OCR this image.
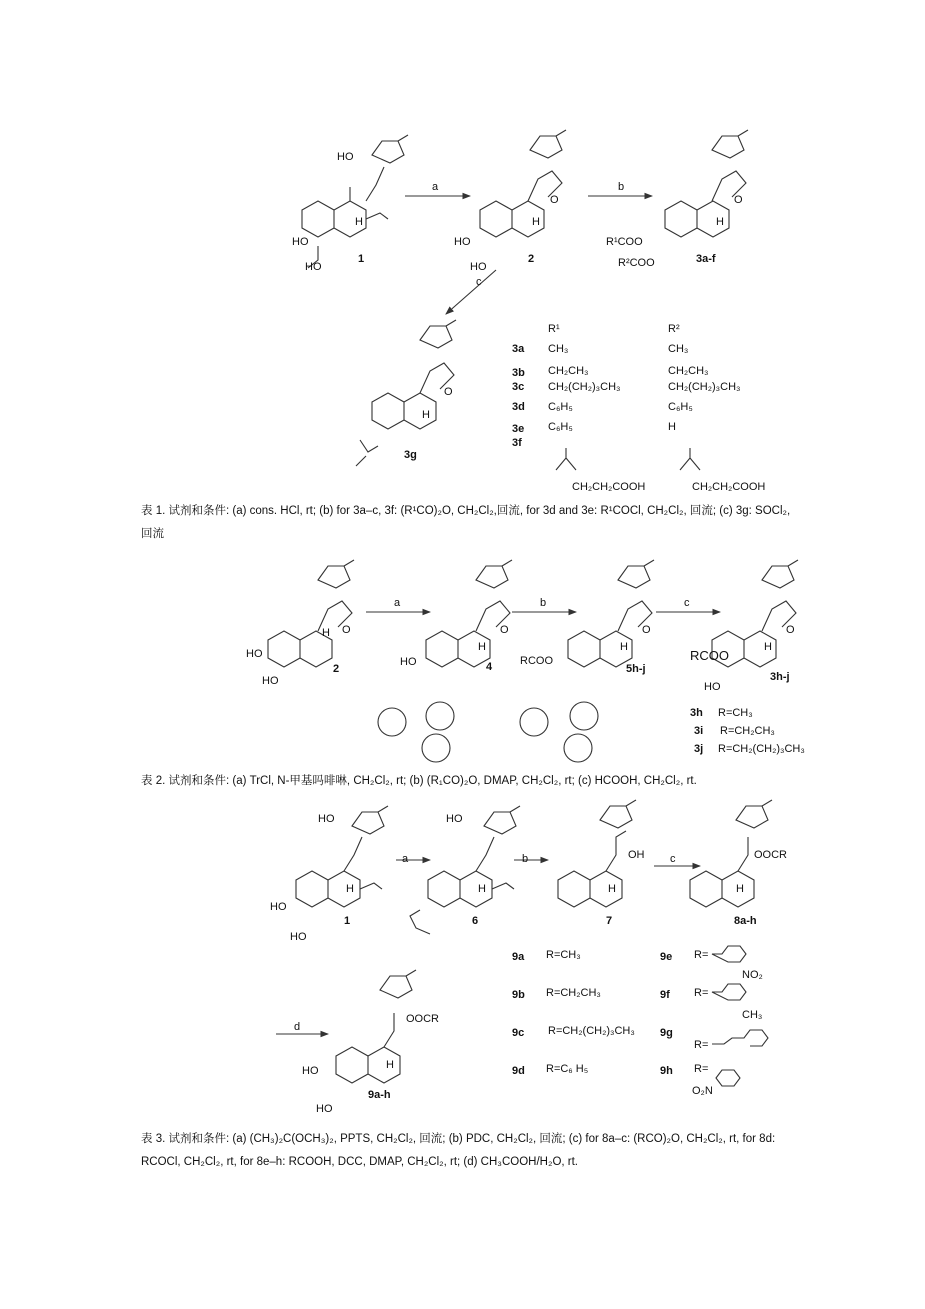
HO
HO
HO
H
1
a
O
HO
HO
H
2
b
O
R¹COO
R²COO
H
3a-f
c
O
H
3g
R¹	R²
3a CH₃	CH₃
3b CH₂CH₃	CH₂CH₃
3c CH₂(CH₂)₃CH₃	CH₂(CH₂)₃CH₃
3d C₆H₅	C₆H₅
3e C₆H₅	H
3f
CH₂CH₂COOH	CH₂CH₂COOH
O
HO
HO
H
2
a
O
HO
H
4
b
O
RCOO
H
5h-j
c
O
RCOO
HO
H
3h-j
3h R=CH₃
3i R=CH₂CH₃
3j R=CH₂(CH₂)₃CH₃
HO
HO
HO
H
1
a
HO
H
6
b	OH
H
7
c	OOCR
H
8a-h
9a R=CH₃
9b R=CH₂CH₃
9c R=CH₂(CH₂)₃CH₃
9d R=C₆ H₅
9e R=
NO₂
9f R=
CH₃
9g
R=
9h R=
O₂N
d
OOCR
HO
HO
H
9a-h
表 1. 试剂和条件: (a) cons. HCl, rt; (b) for 3a–c, 3f: (R¹CO)₂O, CH₂Cl₂,回流, for 3d and 3e: R¹COCl, CH₂Cl₂, 回流; (c) 3g: SOCl₂, 回流
表 2. 试剂和条件: (a) TrCl, N-甲基吗啡啉, CH₂Cl₂, rt; (b) (R₁CO)₂O, DMAP, CH₂Cl₂, rt; (c) HCOOH, CH₂Cl₂, rt.
表 3. 试剂和条件: (a) (CH₃)₂C(OCH₃)₂, PPTS, CH₂Cl₂, 回流; (b) PDC, CH₂Cl₂, 回流; (c) for 8a–c: (RCO)₂O, CH₂Cl₂, rt, for 8d: RCOCl, CH₂Cl₂, rt, for 8e–h: RCOOH, DCC, DMAP, CH₂Cl₂, rt; (d) CH₃COOH/H₂O, rt.
